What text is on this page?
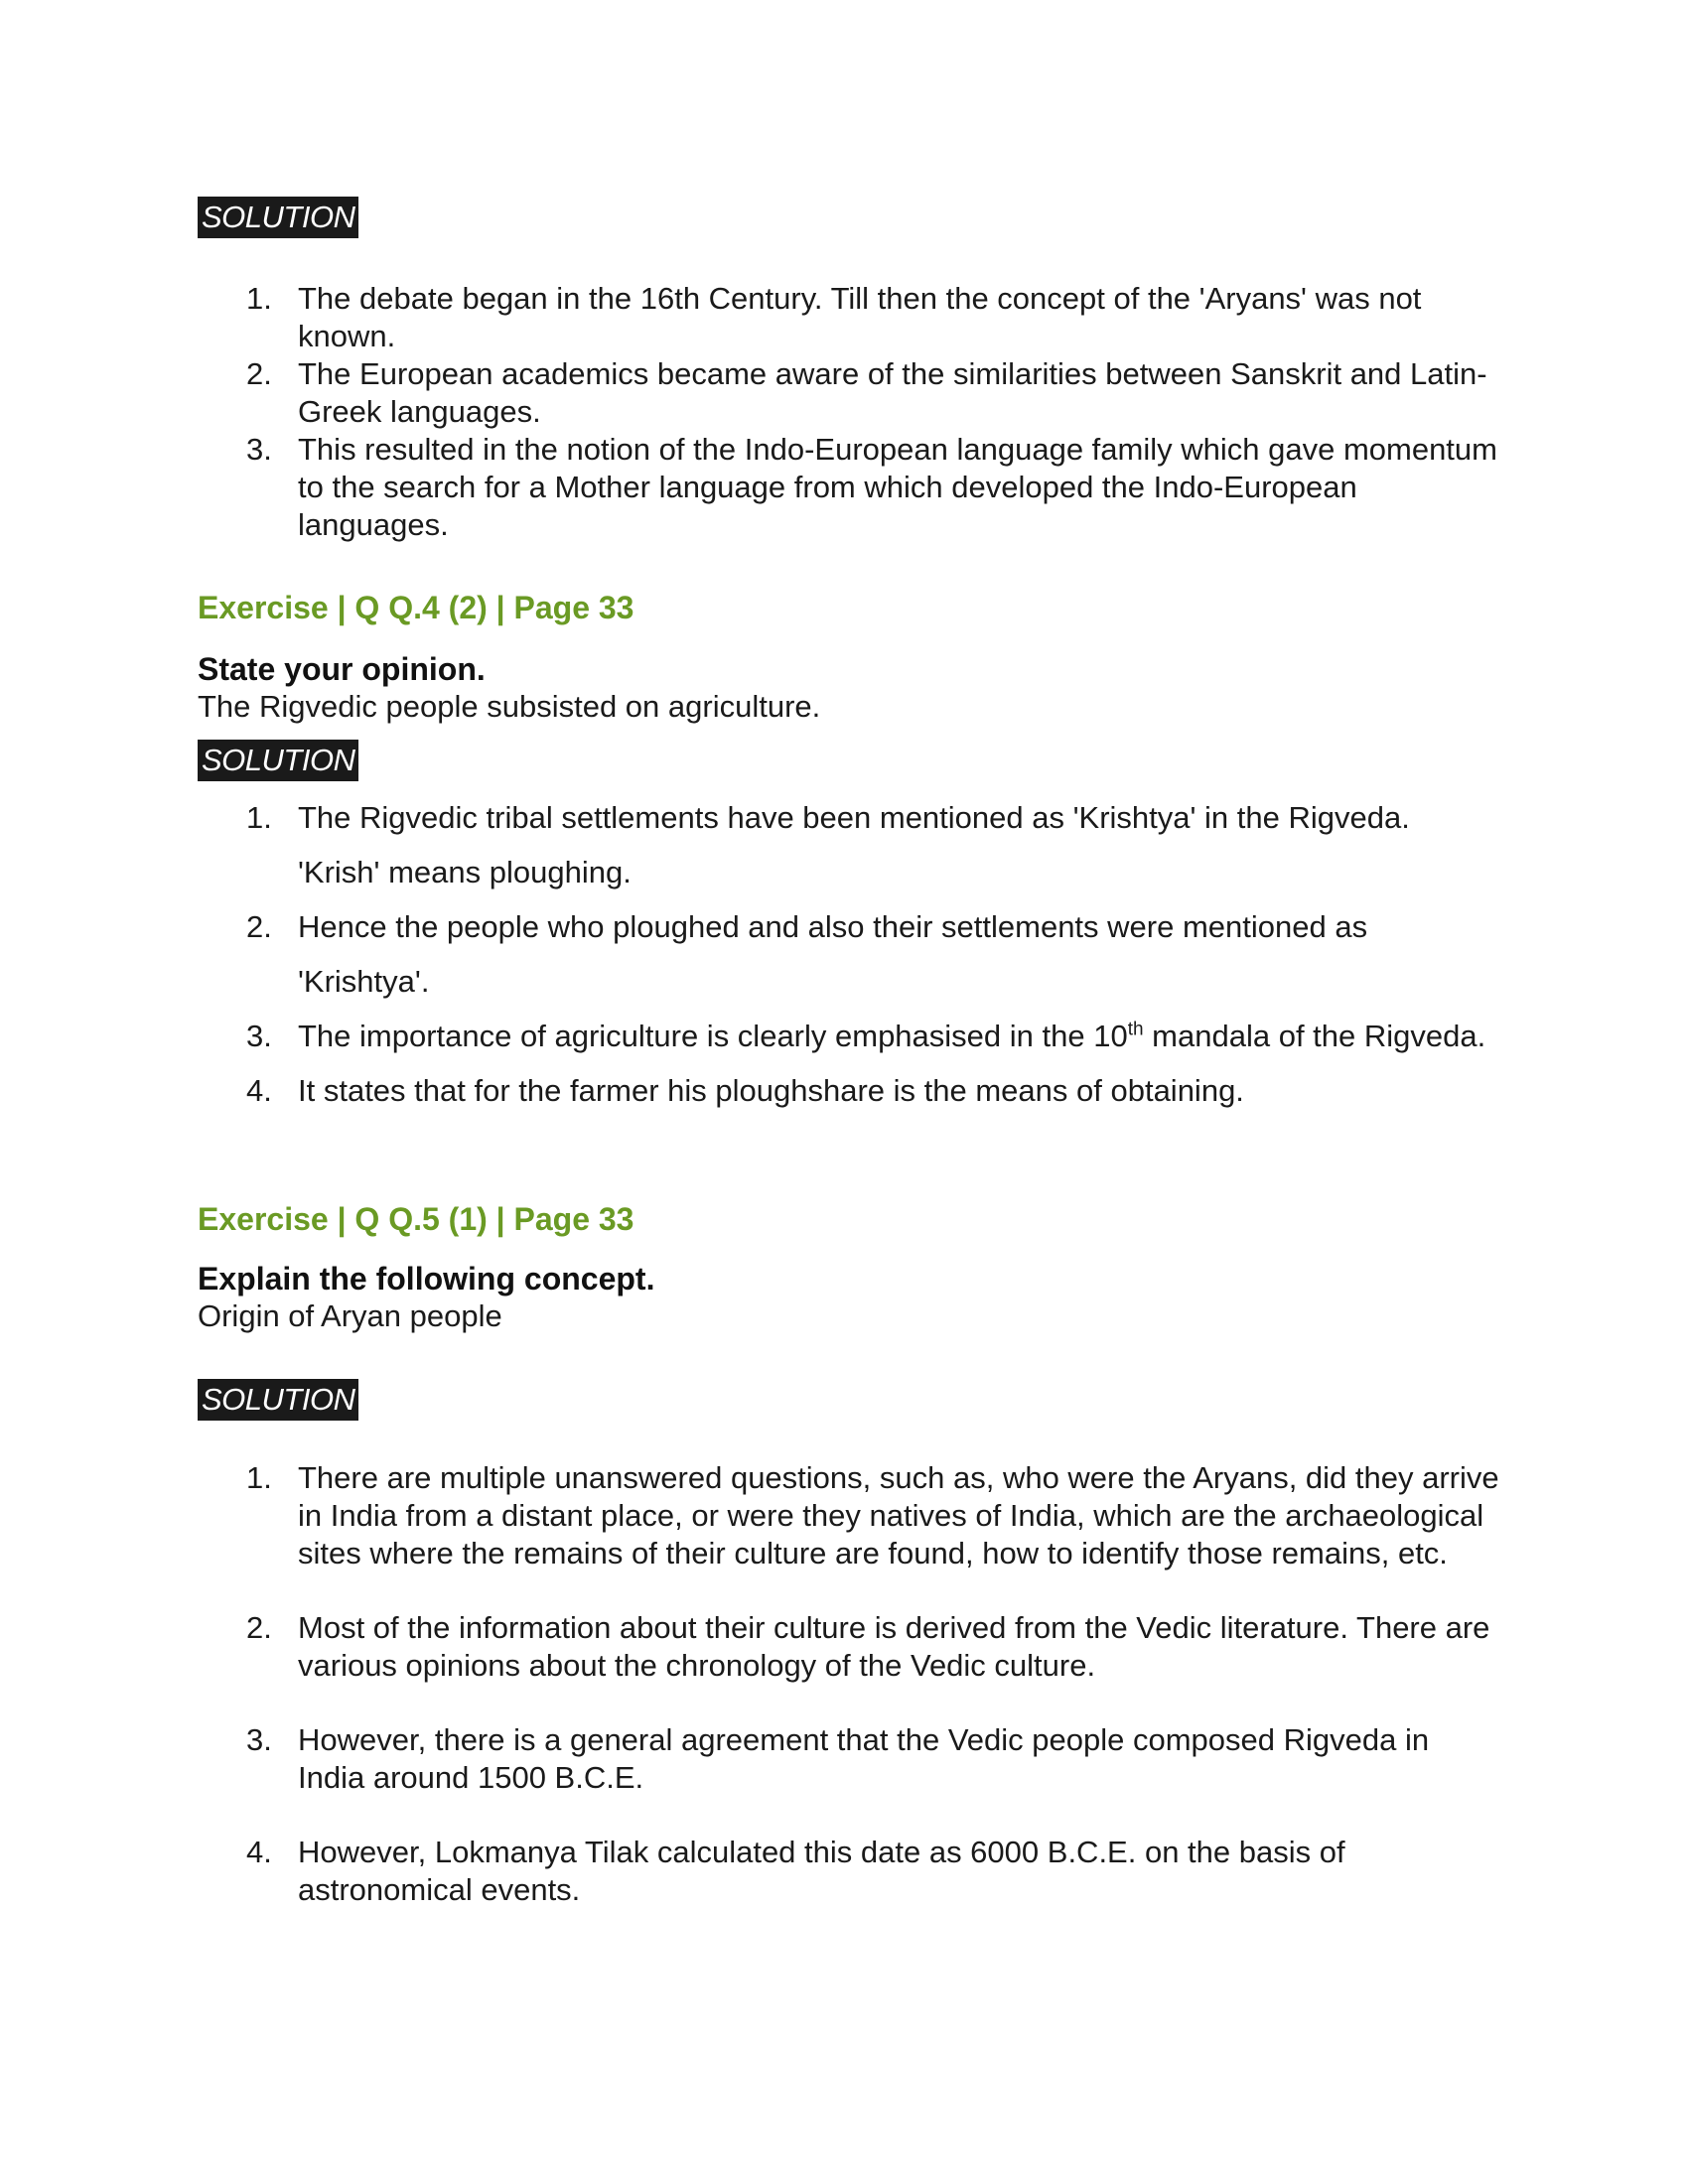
SOLUTION
1. The debate began in the 16th Century. Till then the concept of the 'Aryans' was not known.
2. The European academics became aware of the similarities between Sanskrit and Latin-Greek languages.
3. This resulted in the notion of the Indo-European language family which gave momentum to the search for a Mother language from which developed the Indo-European languages.
Exercise | Q Q.4 (2) | Page 33
State your opinion.
The Rigvedic people subsisted on agriculture.
SOLUTION
1. The Rigvedic tribal settlements have been mentioned as 'Krishtya' in the Rigveda. 'Krish' means ploughing.
2. Hence the people who ploughed and also their settlements were mentioned as 'Krishtya'.
3. The importance of agriculture is clearly emphasised in the 10th mandala of the Rigveda.
4. It states that for the farmer his ploughshare is the means of obtaining.
Exercise | Q Q.5 (1) | Page 33
Explain the following concept.
Origin of Aryan people
SOLUTION
1. There are multiple unanswered questions, such as, who were the Aryans, did they arrive in India from a distant place, or were they natives of India, which are the archaeological sites where the remains of their culture are found, how to identify those remains, etc.
2. Most of the information about their culture is derived from the Vedic literature. There are various opinions about the chronology of the Vedic culture.
3. However, there is a general agreement that the Vedic people composed Rigveda in India around 1500 B.C.E.
4. However, Lokmanya Tilak calculated this date as 6000 B.C.E. on the basis of astronomical events.
